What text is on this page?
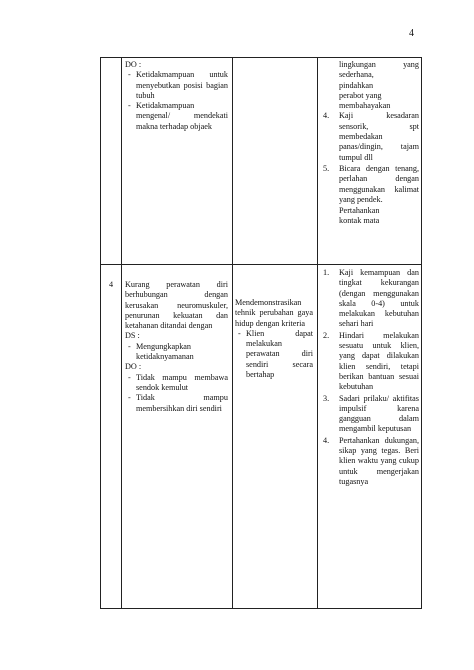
4
DO :
- Ketidakmampuan untuk menyebutkan posisi bagian tubuh
- Ketidakmampuan mengenal/ mendekati makna terhadap objaek
lingkungan yang sederhana,
pindahkan
perabot yang
membahayakan
4. Kaji kesadaran sensorik, spt membedakan panas/dingin, tajam tumpul dll
5. Bicara dengan tenang, perlahan dengan menggunakan kalimat yang pendek.
Pertahankan
kontak mata
4	Kurang perawatan diri berhubungan dengan kerusakan neuromuskuler, penurunan kekuatan dan ketahanan ditandai dengan
DS :
- Mengungkapkan ketidaknyamanan
DO :
- Tidak mampu membawa sendok kemulut
- Tidak mampu membersihkan diri sendiri
Mendemonstrasikan tehnik perubahan gaya hidup dengan kriteria
- Klien dapat melakukan perawatan diri sendiri secara bertahap
1. Kaji kemampuan dan tingkat kekurangan (dengan menggunakan skala 0-4) untuk melakukan kebutuhan sehari hari
2. Hindari melakukan sesuatu untuk klien, yang dapat dilakukan klien sendiri, tetapi berikan bantuan sesuai kebutuhan
3. Sadari prilaku/ aktifitas impulsif karena gangguan dalam mengambil keputusan
4. Pertahankan dukungan, sikap yang tegas. Beri klien waktu yang cukup untuk mengerjakan tugasnya
